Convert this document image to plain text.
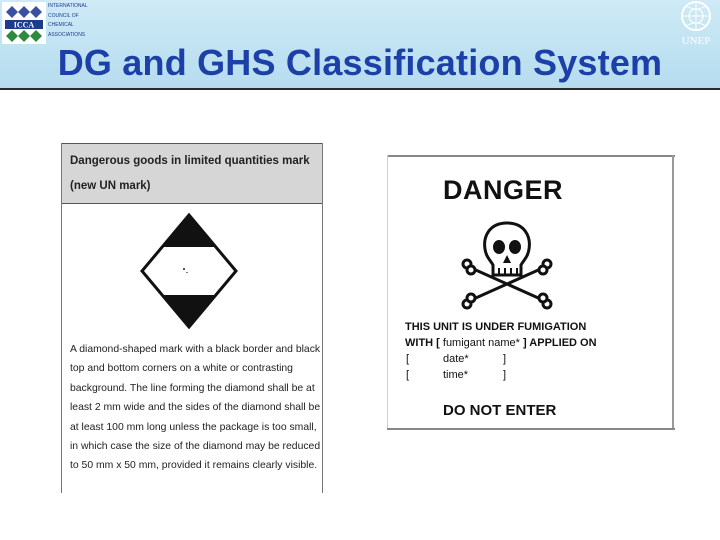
ICCA
INTERNATIONAL
COUNCIL OF
CHEMICAL
ASSOCIATIONS
UNEP
DG and GHS Classification System
Dangerous goods in limited quantities mark
(new UN mark)
A diamond-shaped mark with a black border and black
top and bottom corners on a white or contrasting
background. The line forming the diamond shall be at
least 2 mm wide and the sides of the diamond shall be
at least 100 mm long unless the package is too small,
in which case the size of the diamond may be reduced
to 50 mm x 50 mm, provided it remains clearly visible.
DANGER
THIS UNIT IS UNDER FUMIGATION
WITH [ fumigant name* ] APPLIED ON
[	date*	]
[	time*	]
DO NOT ENTER
